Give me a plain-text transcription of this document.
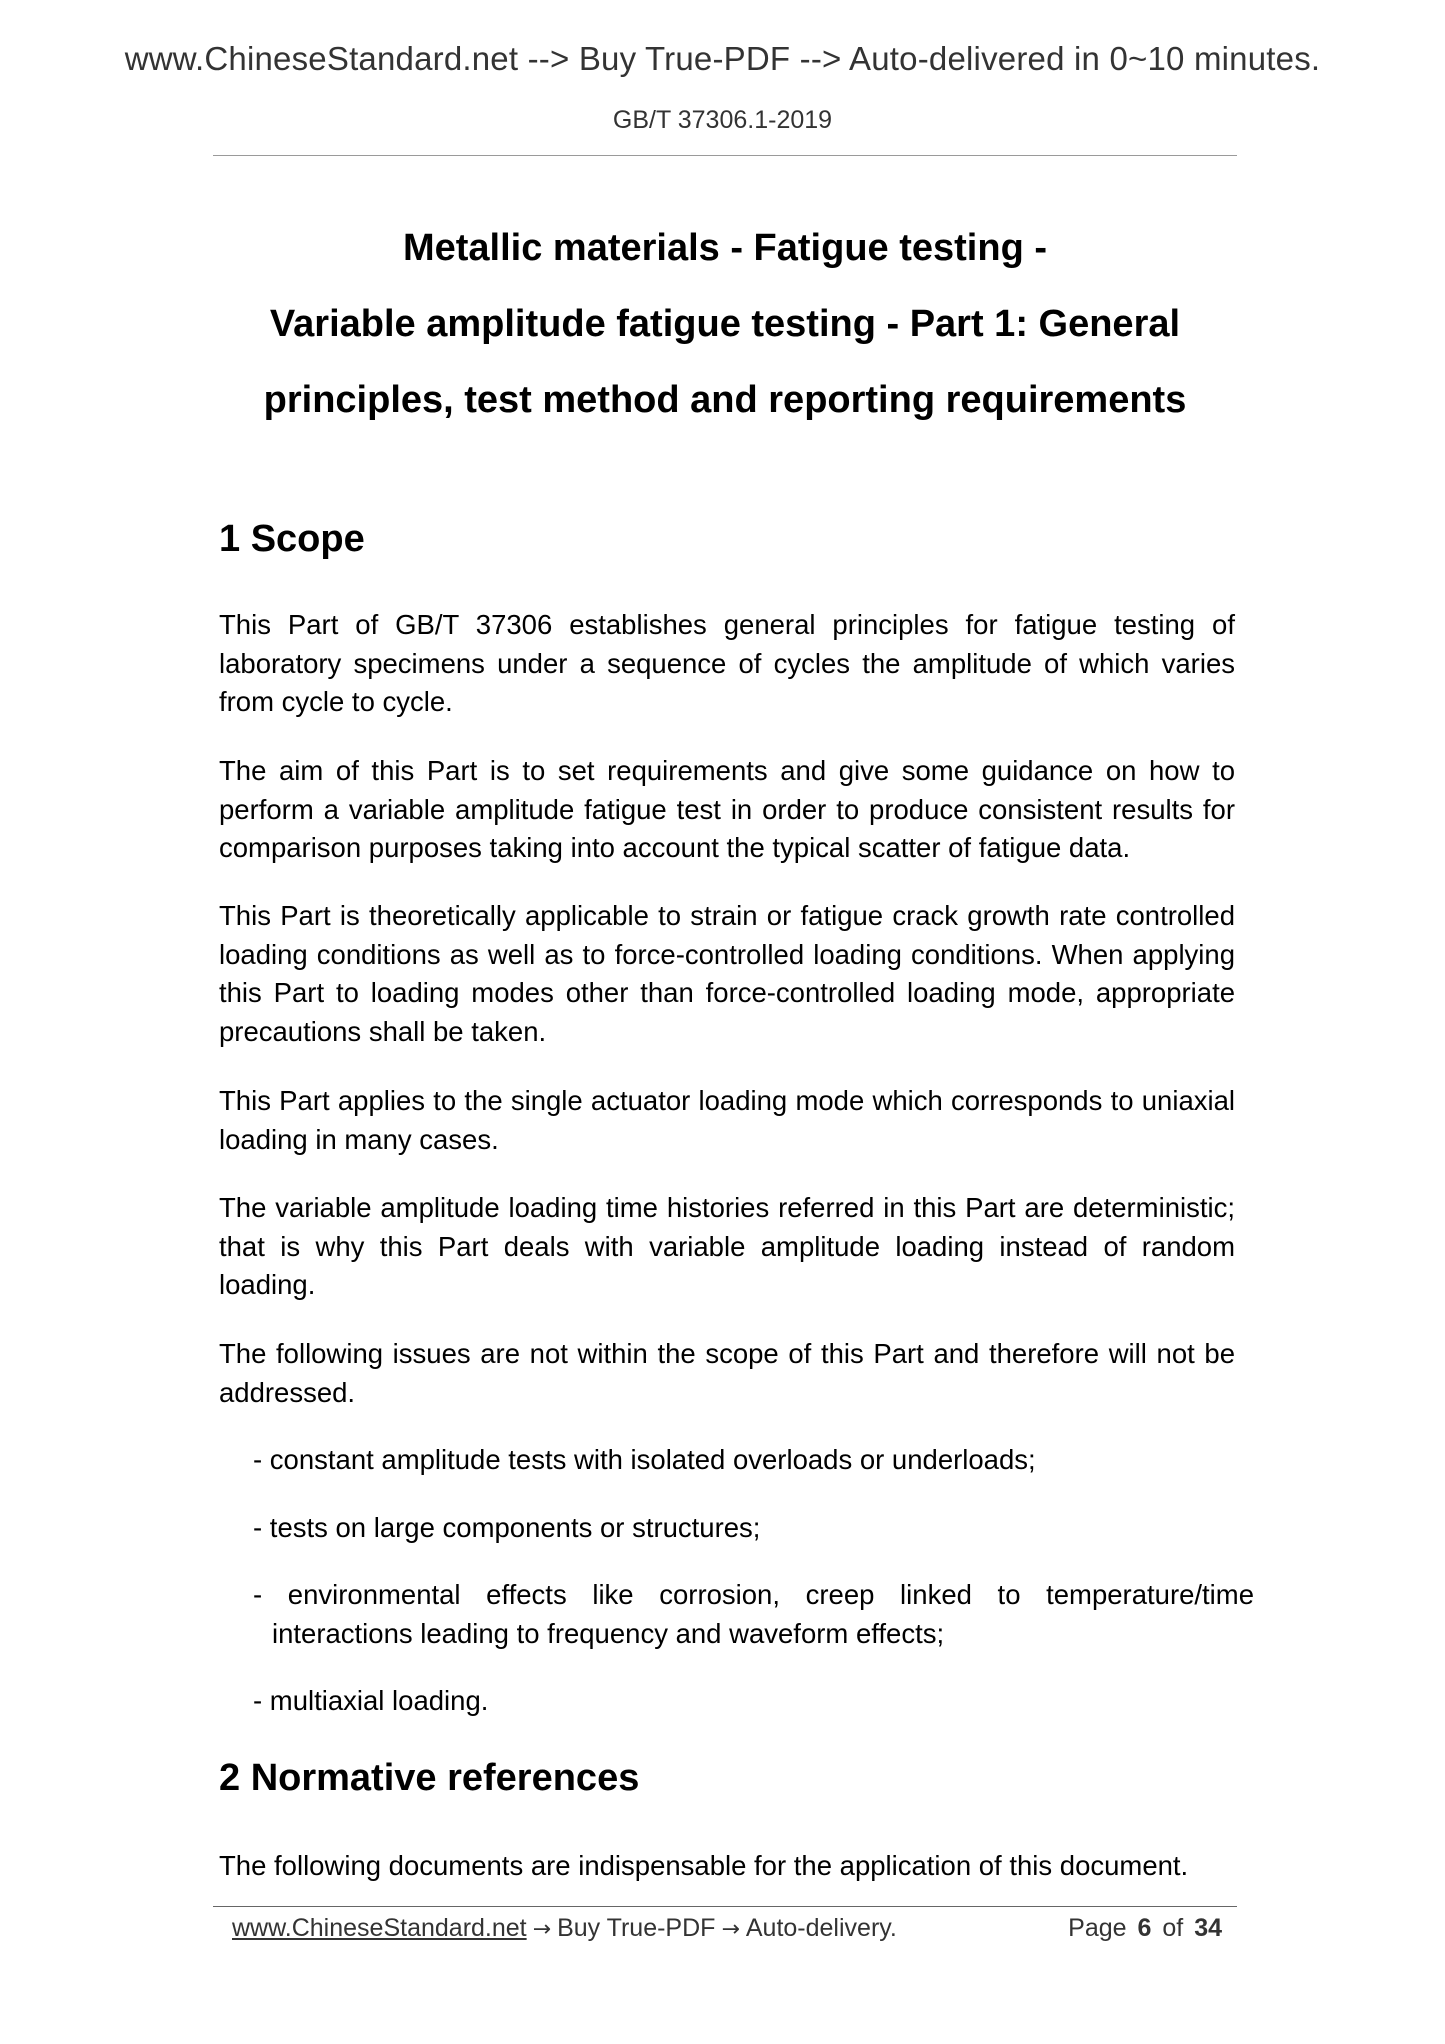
www.ChineseStandard.net --> Buy True-PDF --> Auto-delivered in 0~10 minutes.
GB/T 37306.1-2019
Metallic materials - Fatigue testing -
Variable amplitude fatigue testing - Part 1: General
principles, test method and reporting requirements
1 Scope

This Part of GB/T 37306 establishes general principles for fatigue testing of laboratory specimens under a sequence of cycles the amplitude of which varies from cycle to cycle.

The aim of this Part is to set requirements and give some guidance on how to perform a variable amplitude fatigue test in order to produce consistent results for comparison purposes taking into account the typical scatter of fatigue data.

This Part is theoretically applicable to strain or fatigue crack growth rate controlled loading conditions as well as to force-controlled loading conditions. When applying this Part to loading modes other than force-controlled loading mode, appropriate precautions shall be taken.

This Part applies to the single actuator loading mode which corresponds to uniaxial loading in many cases.

The variable amplitude loading time histories referred in this Part are deterministic; that is why this Part deals with variable amplitude loading instead of random loading.

The following issues are not within the scope of this Part and therefore will not be addressed.

- constant amplitude tests with isolated overloads or underloads;

- tests on large components or structures;

- environmental effects like corrosion, creep linked to temperature/time interactions leading to frequency and waveform effects;

- multiaxial loading.

2 Normative references

The following documents are indispensable for the application of this document.

www.ChineseStandard.net → Buy True-PDF → Auto-delivery.	Page 6 of 34
